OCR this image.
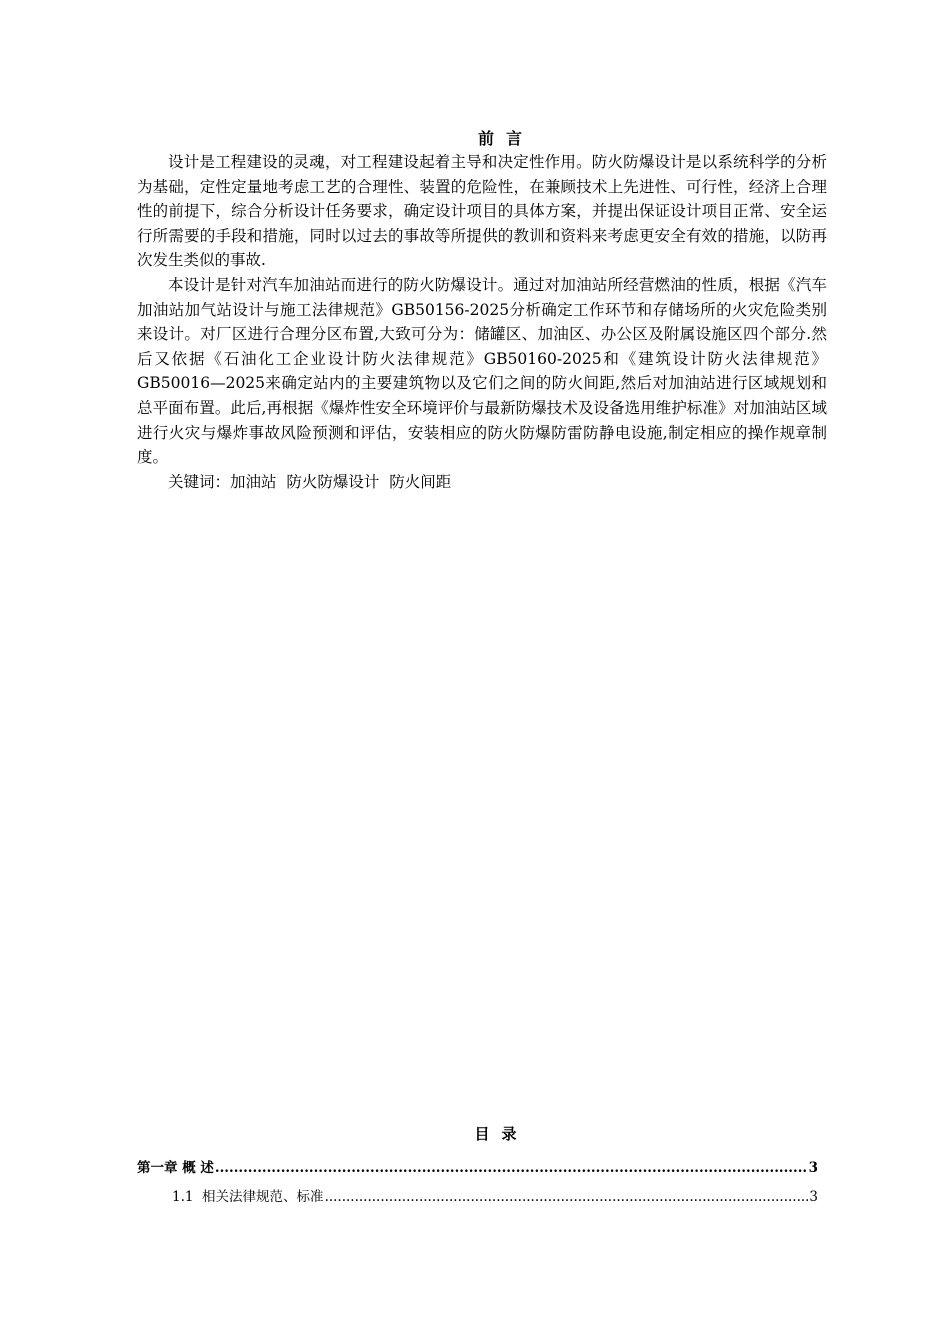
前言

设计是工程建设的灵魂，对工程建设起着主导和决定性作用。防火防爆设计是以系统科学的分析为基础，定性定量地考虑工艺的合理性、装置的危险性，在兼顾技术上先进性、可行性，经济上合理性的前提下，综合分析设计任务要求，确定设计项目的具体方案，并提出保证设计项目正常、安全运行所需要的手段和措施，同时以过去的事故等所提供的教训和资料来考虑更安全有效的措施，以防再次发生类似的事故.

本设计是针对汽车加油站而进行的防火防爆设计。通过对加油站所经营燃油的性质，根据《汽车加油站加气站设计与施工法律规范》GB50156-2025分析确定工作环节和存储场所的火灾危险类别来设计。对厂区进行合理分区布置,大致可分为：储罐区、加油区、办公区及附属设施区四个部分.然后又依据《石油化工企业设计防火法律规范》GB50160-2025和《建筑设计防火法律规范》GB50016—2025来确定站内的主要建筑物以及它们之间的防火间距,然后对加油站进行区域规划和总平面布置。此后,再根据《爆炸性安全环境评价与最新防爆技术及设备选用维护标准》对加油站区域进行火灾与爆炸事故风险预测和评估，安装相应的防火防爆防雷防静电设施,制定相应的操作规章制度。

关键词：加油站  防火防爆设计  防火间距

目录
第一章 概 述 .....	3
1.1  相关法律规范、标准 .....	3
